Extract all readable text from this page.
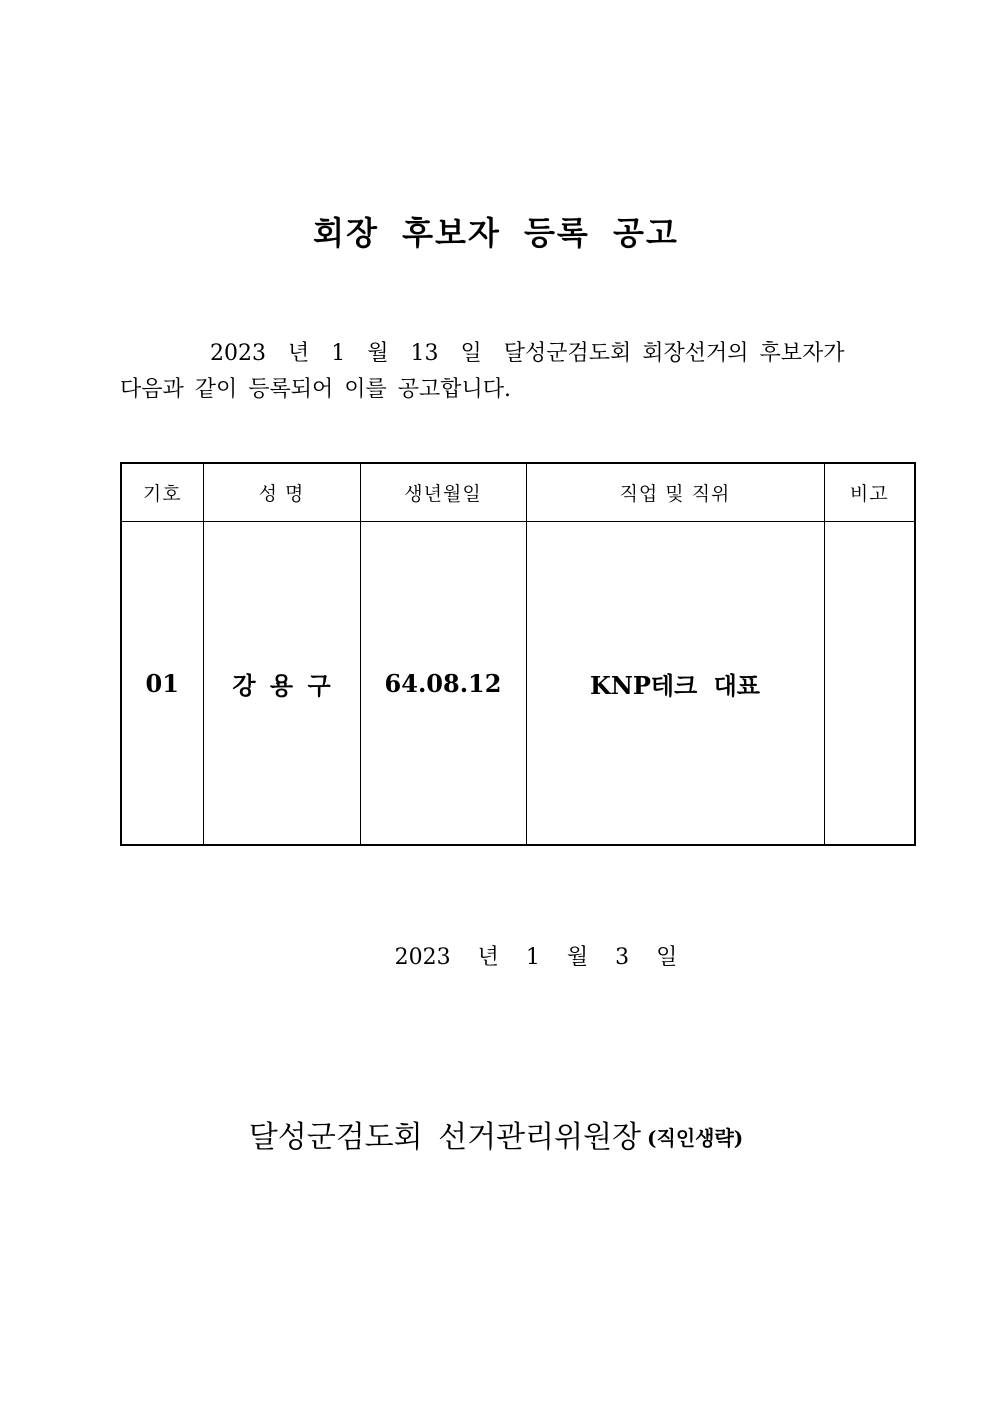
회장 후보자 등록 공고
2023 년 1 월 13 일 달성군검도회 회장선거의 후보자가
다음과 같이 등록되어 이를 공고합니다.
기호	성 명	생년월일	직업 및 직위	비고
01	강 용 구	64.08.12	KNP테크 대표	
2023 년 1 월 3 일
달성군검도회 선거관리위원장 (직인생략)
